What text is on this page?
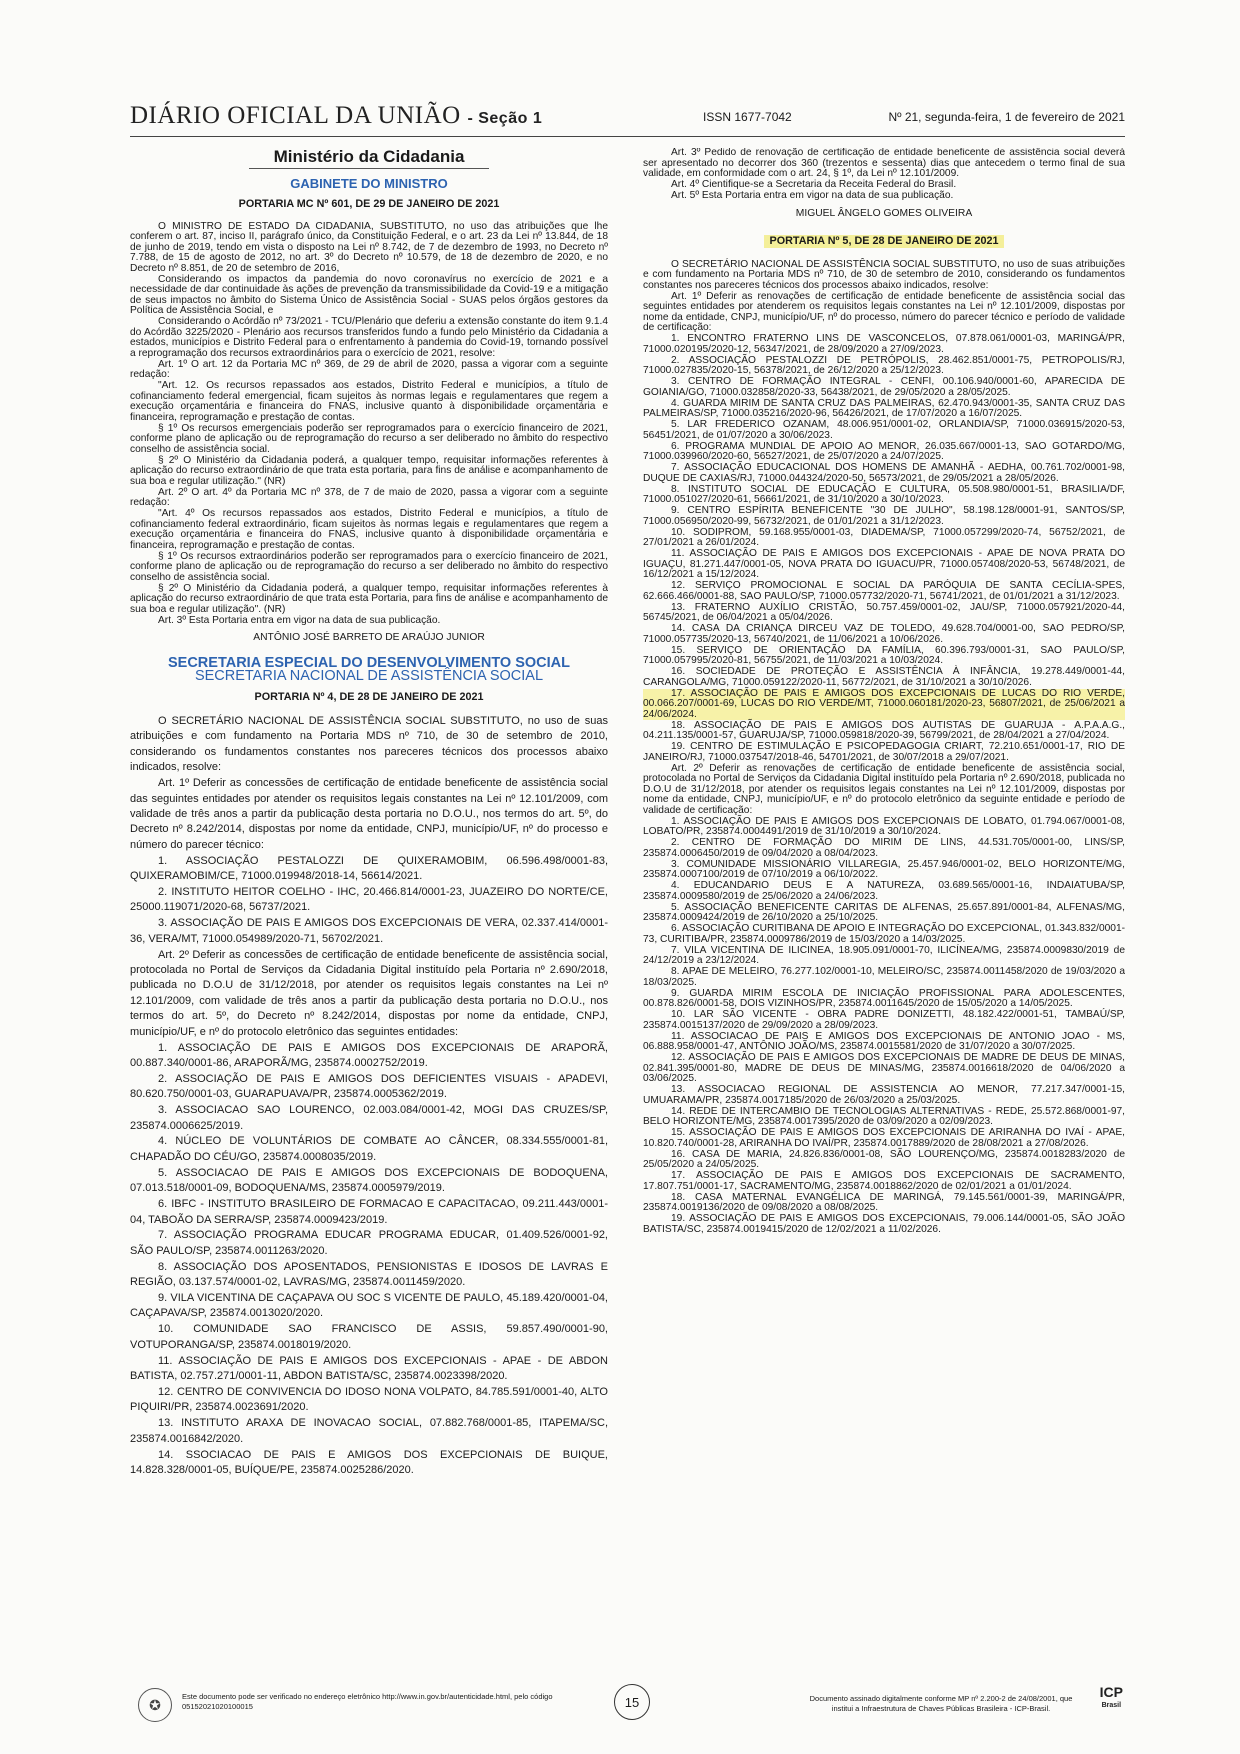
DIÁRIO OFICIAL DA UNIÃO - Seção 1	ISSN 1677-7042	Nº 21, segunda-feira, 1 de fevereiro de 2021
Ministério da Cidadania
GABINETE DO MINISTRO
PORTARIA MC Nº 601, DE 29 DE JANEIRO DE 2021

O MINISTRO DE ESTADO DA CIDADANIA, SUBSTITUTO, no uso das atribuições que lhe conferem o art. 87, inciso II, parágrafo único, da Constituição Federal, e o art. 23 da Lei nº 13.844, de 18 de junho de 2019, tendo em vista o disposto na Lei nº 8.742, de 7 de dezembro de 1993, no Decreto nº 7.788, de 15 de agosto de 2012, no art. 3º do Decreto nº 10.579, de 18 de dezembro de 2020, e no Decreto nº 8.851, de 20 de setembro de 2016,

Considerando os impactos da pandemia do novo coronavírus no exercício de 2021 e a necessidade de dar continuidade às ações de prevenção da transmissibilidade da Covid-19 e a mitigação de seus impactos no âmbito do Sistema Único de Assistência Social - SUAS pelos órgãos gestores da Política de Assistência Social, e

Considerando o Acórdão nº 73/2021 - TCU/Plenário que deferiu a extensão constante do item 9.1.4 do Acórdão 3225/2020 - Plenário aos recursos transferidos fundo a fundo pelo Ministério da Cidadania a estados, municípios e Distrito Federal para o enfrentamento à pandemia do Covid-19, tornando possível a reprogramação dos recursos extraordinários para o exercício de 2021, resolve:

Art. 1º O art. 12 da Portaria MC nº 369, de 29 de abril de 2020, passa a vigorar com a seguinte redação:

"Art. 12. Os recursos repassados aos estados, Distrito Federal e municípios, a título de cofinanciamento federal emergencial, ficam sujeitos às normas legais e regulamentares que regem a execução orçamentária e financeira do FNAS, inclusive quanto à disponibilidade orçamentária e financeira, reprogramação e prestação de contas.

§ 1º Os recursos emergenciais poderão ser reprogramados para o exercício financeiro de 2021, conforme plano de aplicação ou de reprogramação do recurso a ser deliberado no âmbito do respectivo conselho de assistência social.

§ 2º O Ministério da Cidadania poderá, a qualquer tempo, requisitar informações referentes à aplicação do recurso extraordinário de que trata esta portaria, para fins de análise e acompanhamento de sua boa e regular utilização." (NR)

Art. 2º O art. 4º da Portaria MC nº 378, de 7 de maio de 2020, passa a vigorar com a seguinte redação:

"Art. 4º Os recursos repassados aos estados, Distrito Federal e municípios, a título de cofinanciamento federal extraordinário, ficam sujeitos às normas legais e regulamentares que regem a execução orçamentária e financeira do FNAS, inclusive quanto à disponibilidade orçamentária e financeira, reprogramação e prestação de contas.

§ 1º Os recursos extraordinários poderão ser reprogramados para o exercício financeiro de 2021, conforme plano de aplicação ou de reprogramação do recurso a ser deliberado no âmbito do respectivo conselho de assistência social.

§ 2º O Ministério da Cidadania poderá, a qualquer tempo, requisitar informações referentes à aplicação do recurso extraordinário de que trata esta Portaria, para fins de análise e acompanhamento de sua boa e regular utilização". (NR)

Art. 3º Esta Portaria entra em vigor na data de sua publicação.

ANTÔNIO JOSÉ BARRETO DE ARAÚJO JUNIOR
SECRETARIA ESPECIAL DO DESENVOLVIMENTO SOCIAL
SECRETARIA NACIONAL DE ASSISTÊNCIA SOCIAL
PORTARIA Nº 4, DE 28 DE JANEIRO DE 2021

O SECRETÁRIO NACIONAL DE ASSISTÊNCIA SOCIAL SUBSTITUTO, no uso de suas atribuições e com fundamento na Portaria MDS nº 710, de 30 de setembro de 2010, considerando os fundamentos constantes nos pareceres técnicos dos processos abaixo indicados, resolve:

Art. 1º Deferir as concessões de certificação de entidade beneficente de assistência social das seguintes entidades por atender os requisitos legais constantes na Lei nº 12.101/2009, com validade de três anos a partir da publicação desta portaria no D.O.U., nos termos do art. 5º, do Decreto nº 8.242/2014, dispostas por nome da entidade, CNPJ, município/UF, nº do processo e número do parecer técnico:

1. ASSOCIAÇÃO PESTALOZZI DE QUIXERAMOBIM, 06.596.498/0001-83, QUIXERAMOBIM/CE, 71000.019948/2018-14, 56614/2021.

2. INSTITUTO HEITOR COELHO - IHC, 20.466.814/0001-23, JUAZEIRO DO NORTE/CE, 25000.119071/2020-68, 56737/2021.

3. ASSOCIAÇÃO DE PAIS E AMIGOS DOS EXCEPCIONAIS DE VERA, 02.337.414/0001-36, VERA/MT, 71000.054989/2020-71, 56702/2021.

Art. 2º Deferir as concessões de certificação de entidade beneficente de assistência social, protocolada no Portal de Serviços da Cidadania Digital instituído pela Portaria nº 2.690/2018, publicada no D.O.U de 31/12/2018, por atender os requisitos legais constantes na Lei nº 12.101/2009, com validade de três anos a partir da publicação desta portaria no D.O.U., nos termos do art. 5º, do Decreto nº 8.242/2014, dispostas por nome da entidade, CNPJ, município/UF, e nº do protocolo eletrônico das seguintes entidades:

1. ASSOCIAÇÃO DE PAIS E AMIGOS DOS EXCEPCIONAIS DE ARAPORÃ, 00.887.340/0001-86, ARAPORÃ/MG, 235874.0002752/2019.

2. ASSOCIAÇÃO DE PAIS E AMIGOS DOS DEFICIENTES VISUAIS - APADEVI, 80.620.750/0001-03, GUARAPUAVA/PR, 235874.0005362/2019.

3. ASSOCIACAO SAO LOURENCO, 02.003.084/0001-42, MOGI DAS CRUZES/SP, 235874.0006625/2019.

4. NÚCLEO DE VOLUNTÁRIOS DE COMBATE AO CÂNCER, 08.334.555/0001-81, CHAPADÃO DO CÉU/GO, 235874.0008035/2019.

5. ASSOCIACAO DE PAIS E AMIGOS DOS EXCEPCIONAIS DE BODOQUENA, 07.013.518/0001-09, BODOQUENA/MS, 235874.0005979/2019.

6. IBFC - INSTITUTO BRASILEIRO DE FORMACAO E CAPACITACAO, 09.211.443/0001-04, TABOÃO DA SERRA/SP, 235874.0009423/2019.

7. ASSOCIAÇÃO PROGRAMA EDUCAR PROGRAMA EDUCAR, 01.409.526/0001-92, SÃO PAULO/SP, 235874.0011263/2020.

8. ASSOCIAÇÃO DOS APOSENTADOS, PENSIONISTAS E IDOSOS DE LAVRAS E REGIÃO, 03.137.574/0001-02, LAVRAS/MG, 235874.0011459/2020.

9. VILA VICENTINA DE CAÇAPAVA OU SOC S VICENTE DE PAULO, 45.189.420/0001-04, CAÇAPAVA/SP, 235874.0013020/2020.

10. COMUNIDADE SAO FRANCISCO DE ASSIS, 59.857.490/0001-90, VOTUPORANGA/SP, 235874.0018019/2020.

11. ASSOCIAÇÃO DE PAIS E AMIGOS DOS EXCEPCIONAIS - APAE - DE ABDON BATISTA, 02.757.271/0001-11, ABDON BATISTA/SC, 235874.0023398/2020.

12. CENTRO DE CONVIVENCIA DO IDOSO NONA VOLPATO, 84.785.591/0001-40, ALTO PIQUIRI/PR, 235874.0023691/2020.

13. INSTITUTO ARAXA DE INOVACAO SOCIAL, 07.882.768/0001-85, ITAPEMA/SC, 235874.0016842/2020.

14. SSOCIACAO DE PAIS E AMIGOS DOS EXCEPCIONAIS DE BUIQUE, 14.828.328/0001-05, BUÍQUE/PE, 235874.0025286/2020.

Art. 3º Pedido de renovação de certificação de entidade beneficente de assistência social deverá ser apresentado no decorrer dos 360 (trezentos e sessenta) dias que antecedem o termo final de sua validade, em conformidade com o art. 24, § 1º, da Lei nº 12.101/2009.

Art. 4º Cientifique-se a Secretaria da Receita Federal do Brasil.

Art. 5º Esta Portaria entra em vigor na data de sua publicação.

MIGUEL ÂNGELO GOMES OLIVEIRA
PORTARIA Nº 5, DE 28 DE JANEIRO DE 2021

O SECRETÁRIO NACIONAL DE ASSISTÊNCIA SOCIAL SUBSTITUTO, no uso de suas atribuições e com fundamento na Portaria MDS nº 710, de 30 de setembro de 2010, considerando os fundamentos constantes nos pareceres técnicos dos processos abaixo indicados, resolve:

Art. 1º Deferir as renovações de certificação de entidade beneficente de assistência social das seguintes entidades por atenderem os requisitos legais constantes na Lei nº 12.101/2009, dispostas por nome da entidade, CNPJ, município/UF, nº do processo, número do parecer técnico e período de validade de certificação:

1. ENCONTRO FRATERNO LINS DE VASCONCELOS, 07.878.061/0001-03, MARINGÁ/PR, 71000.020195/2020-12, 56347/2021, de 28/09/2020 a 27/09/2023.

2. ASSOCIAÇÃO PESTALOZZI DE PETRÓPOLIS, 28.462.851/0001-75, PETROPOLIS/RJ, 71000.027835/2020-15, 56378/2021, de 26/12/2020 a 25/12/2023.

3. CENTRO DE FORMAÇÃO INTEGRAL - CENFI, 00.106.940/0001-60, APARECIDA DE GOIANIA/GO, 71000.032858/2020-33, 56438/2021, de 29/05/2020 a 28/05/2025.

4. GUARDA MIRIM DE SANTA CRUZ DAS PALMEIRAS, 62.470.943/0001-35, SANTA CRUZ DAS PALMEIRAS/SP, 71000.035216/2020-96, 56426/2021, de 17/07/2020 a 16/07/2025.

5. LAR FREDERICO OZANAM, 48.006.951/0001-02, ORLANDIA/SP, 71000.036915/2020-53, 56451/2021, de 01/07/2020 a 30/06/2023.

6. PROGRAMA MUNDIAL DE APOIO AO MENOR, 26.035.667/0001-13, SAO GOTARDO/MG, 71000.039960/2020-60, 56527/2021, de 25/07/2020 a 24/07/2025.

7. ASSOCIAÇÃO EDUCACIONAL DOS HOMENS DE AMANHÃ - AEDHA, 00.761.702/0001-98, DUQUE DE CAXIAS/RJ, 71000.044324/2020-50, 56573/2021, de 29/05/2021 a 28/05/2026.

8. INSTITUTO SOCIAL DE EDUCAÇÃO E CULTURA, 05.508.980/0001-51, BRASILIA/DF, 71000.051027/2020-61, 56661/2021, de 31/10/2020 a 30/10/2023.

9. CENTRO ESPÍRITA BENEFICENTE "30 DE JULHO", 58.198.128/0001-91, SANTOS/SP, 71000.056950/2020-99, 56732/2021, de 01/01/2021 a 31/12/2023.

10. SODIPROM, 59.168.955/0001-03, DIADEMA/SP, 71000.057299/2020-74, 56752/2021, de 27/01/2021 a 26/01/2024.

11. ASSOCIAÇÃO DE PAIS E AMIGOS DOS EXCEPCIONAIS - APAE DE NOVA PRATA DO IGUAÇU, 81.271.447/0001-05, NOVA PRATA DO IGUACU/PR, 71000.057408/2020-53, 56748/2021, de 16/12/2021 a 15/12/2024.

12. SERVIÇO PROMOCIONAL E SOCIAL DA PARÓQUIA DE SANTA CECÍLIA-SPES, 62.666.466/0001-88, SAO PAULO/SP, 71000.057732/2020-71, 56741/2021, de 01/01/2021 a 31/12/2023.

13. FRATERNO AUXÍLIO CRISTÃO, 50.757.459/0001-02, JAU/SP, 71000.057921/2020-44, 56745/2021, de 06/04/2021 a 05/04/2026.

14. CASA DA CRIANÇA DIRCEU VAZ DE TOLEDO, 49.628.704/0001-00, SAO PEDRO/SP, 71000.057735/2020-13, 56740/2021, de 11/06/2021 a 10/06/2026.

15. SERVIÇO DE ORIENTAÇÃO DA FAMÍLIA, 60.396.793/0001-31, SAO PAULO/SP, 71000.057995/2020-81, 56755/2021, de 11/03/2021 a 10/03/2024.

16. SOCIEDADE DE PROTEÇÃO E ASSISTÊNCIA À INFÂNCIA, 19.278.449/0001-44, CARANGOLA/MG, 71000.059122/2020-11, 56772/2021, de 31/10/2021 a 30/10/2026.

17. ASSOCIAÇÃO DE PAIS E AMIGOS DOS EXCEPCIONAIS DE LUCAS DO RIO VERDE, 00.066.207/0001-69, LUCAS DO RIO VERDE/MT, 71000.060181/2020-23, 56807/2021, de 25/06/2021 a 24/06/2024.

18. ASSOCIAÇÃO DE PAIS E AMIGOS DOS AUTISTAS DE GUARUJA - A.P.A.A.G., 04.211.135/0001-57, GUARUJA/SP, 71000.059818/2020-39, 56799/2021, de 28/04/2021 a 27/04/2024.

19. CENTRO DE ESTIMULAÇÃO E PSICOPEDAGOGIA CRIART, 72.210.651/0001-17, RIO DE JANEIRO/RJ, 71000.037547/2018-46, 54701/2021, de 30/07/2018 a 29/07/2021.

Art. 2º Deferir as renovações de certificação de entidade beneficente de assistência social, protocolada no Portal de Serviços da Cidadania Digital instituído pela Portaria nº 2.690/2018, publicada no D.O.U de 31/12/2018, por atender os requisitos legais constantes na Lei nº 12.101/2009, dispostas por nome da entidade, CNPJ, município/UF, e nº do protocolo eletrônico da seguinte entidade e período de validade de certificação:

1. ASSOCIAÇÃO DE PAIS E AMIGOS DOS EXCEPCIONAIS DE LOBATO, 01.794.067/0001-08, LOBATO/PR, 235874.0004491/2019 de 31/10/2019 a 30/10/2024.

2. CENTRO DE FORMAÇÃO DO MIRIM DE LINS, 44.531.705/0001-00, LINS/SP, 235874.0006450/2019 de 09/04/2020 a 08/04/2023.

3. COMUNIDADE MISSIONÁRIO VILLAREGIA, 25.457.946/0001-02, BELO HORIZONTE/MG, 235874.0007100/2019 de 07/10/2019 a 06/10/2022.

4. EDUCANDARIO DEUS E A NATUREZA, 03.689.565/0001-16, INDAIATUBA/SP, 235874.0009580/2019 de 25/06/2020 a 24/06/2023.

5. ASSOCIAÇÃO BENEFICENTE CARITAS DE ALFENAS, 25.657.891/0001-84, ALFENAS/MG, 235874.0009424/2019 de 26/10/2020 a 25/10/2025.

6. ASSOCIAÇÃO CURITIBANA DE APOIO E INTEGRAÇÃO DO EXCEPCIONAL, 01.343.832/0001-73, CURITIBA/PR, 235874.0009786/2019 de 15/03/2020 a 14/03/2025.

7. VILA VICENTINA DE ILICINEA, 18.905.091/0001-70, ILICÍNEA/MG, 235874.0009830/2019 de 24/12/2019 a 23/12/2024.

8. APAE DE MELEIRO, 76.277.102/0001-10, MELEIRO/SC, 235874.0011458/2020 de 19/03/2020 a 18/03/2025.

9. GUARDA MIRIM ESCOLA DE INICIAÇÃO PROFISSIONAL PARA ADOLESCENTES, 00.878.826/0001-58, DOIS VIZINHOS/PR, 235874.0011645/2020 de 15/05/2020 a 14/05/2025.

10. LAR SÃO VICENTE - OBRA PADRE DONIZETTI, 48.182.422/0001-51, TAMBAÚ/SP, 235874.0015137/2020 de 29/09/2020 a 28/09/2023.

11. ASSOCIACAO DE PAIS E AMIGOS DOS EXCEPCIONAIS DE ANTONIO JOAO - MS, 06.888.958/0001-47, ANTÔNIO JOÃO/MS, 235874.0015581/2020 de 31/07/2020 a 30/07/2025.

12. ASSOCIAÇÃO DE PAIS E AMIGOS DOS EXCEPCIONAIS DE MADRE DE DEUS DE MINAS, 02.841.395/0001-80, MADRE DE DEUS DE MINAS/MG, 235874.0016618/2020 de 04/06/2020 a 03/06/2025.

13. ASSOCIACAO REGIONAL DE ASSISTENCIA AO MENOR, 77.217.347/0001-15, UMUARAMA/PR, 235874.0017185/2020 de 26/03/2020 a 25/03/2025.

14. REDE DE INTERCAMBIO DE TECNOLOGIAS ALTERNATIVAS - REDE, 25.572.868/0001-97, BELO HORIZONTE/MG, 235874.0017395/2020 de 03/09/2020 a 02/09/2023.

15. ASSOCIAÇÃO DE PAIS E AMIGOS DOS EXCEPCIONAIS DE ARIRANHA DO IVAÍ - APAE, 10.820.740/0001-28, ARIRANHA DO IVAÍ/PR, 235874.0017889/2020 de 28/08/2021 a 27/08/2026.

16. CASA DE MARIA, 24.826.836/0001-08, SÃO LOURENÇO/MG, 235874.0018283/2020 de 25/05/2020 a 24/05/2025.

17. ASSOCIAÇÃO DE PAIS E AMIGOS DOS EXCEPCIONAIS DE SACRAMENTO, 17.807.751/0001-17, SACRAMENTO/MG, 235874.0018862/2020 de 02/01/2021 a 01/01/2024.

18. CASA MATERNAL EVANGÉLICA DE MARINGÁ, 79.145.561/0001-39, MARINGÁ/PR, 235874.0019136/2020 de 09/08/2020 a 08/08/2025.

19. ASSOCIAÇÃO DE PAIS E AMIGOS DOS EXCEPCIONAIS, 79.006.144/0001-05, SÃO JOÃO BATISTA/SC, 235874.0019415/2020 de 12/02/2021 a 11/02/2026.

✪	Este documento pode ser verificado no endereço eletrônico http://www.in.gov.br/autenticidade.html, pelo código 05152021020100015	15	Documento assinado digitalmente conforme MP nº 2.200-2 de 24/08/2001, que institui a Infraestrutura de Chaves Públicas Brasileira - ICP-Brasil.
ICP
Brasil
